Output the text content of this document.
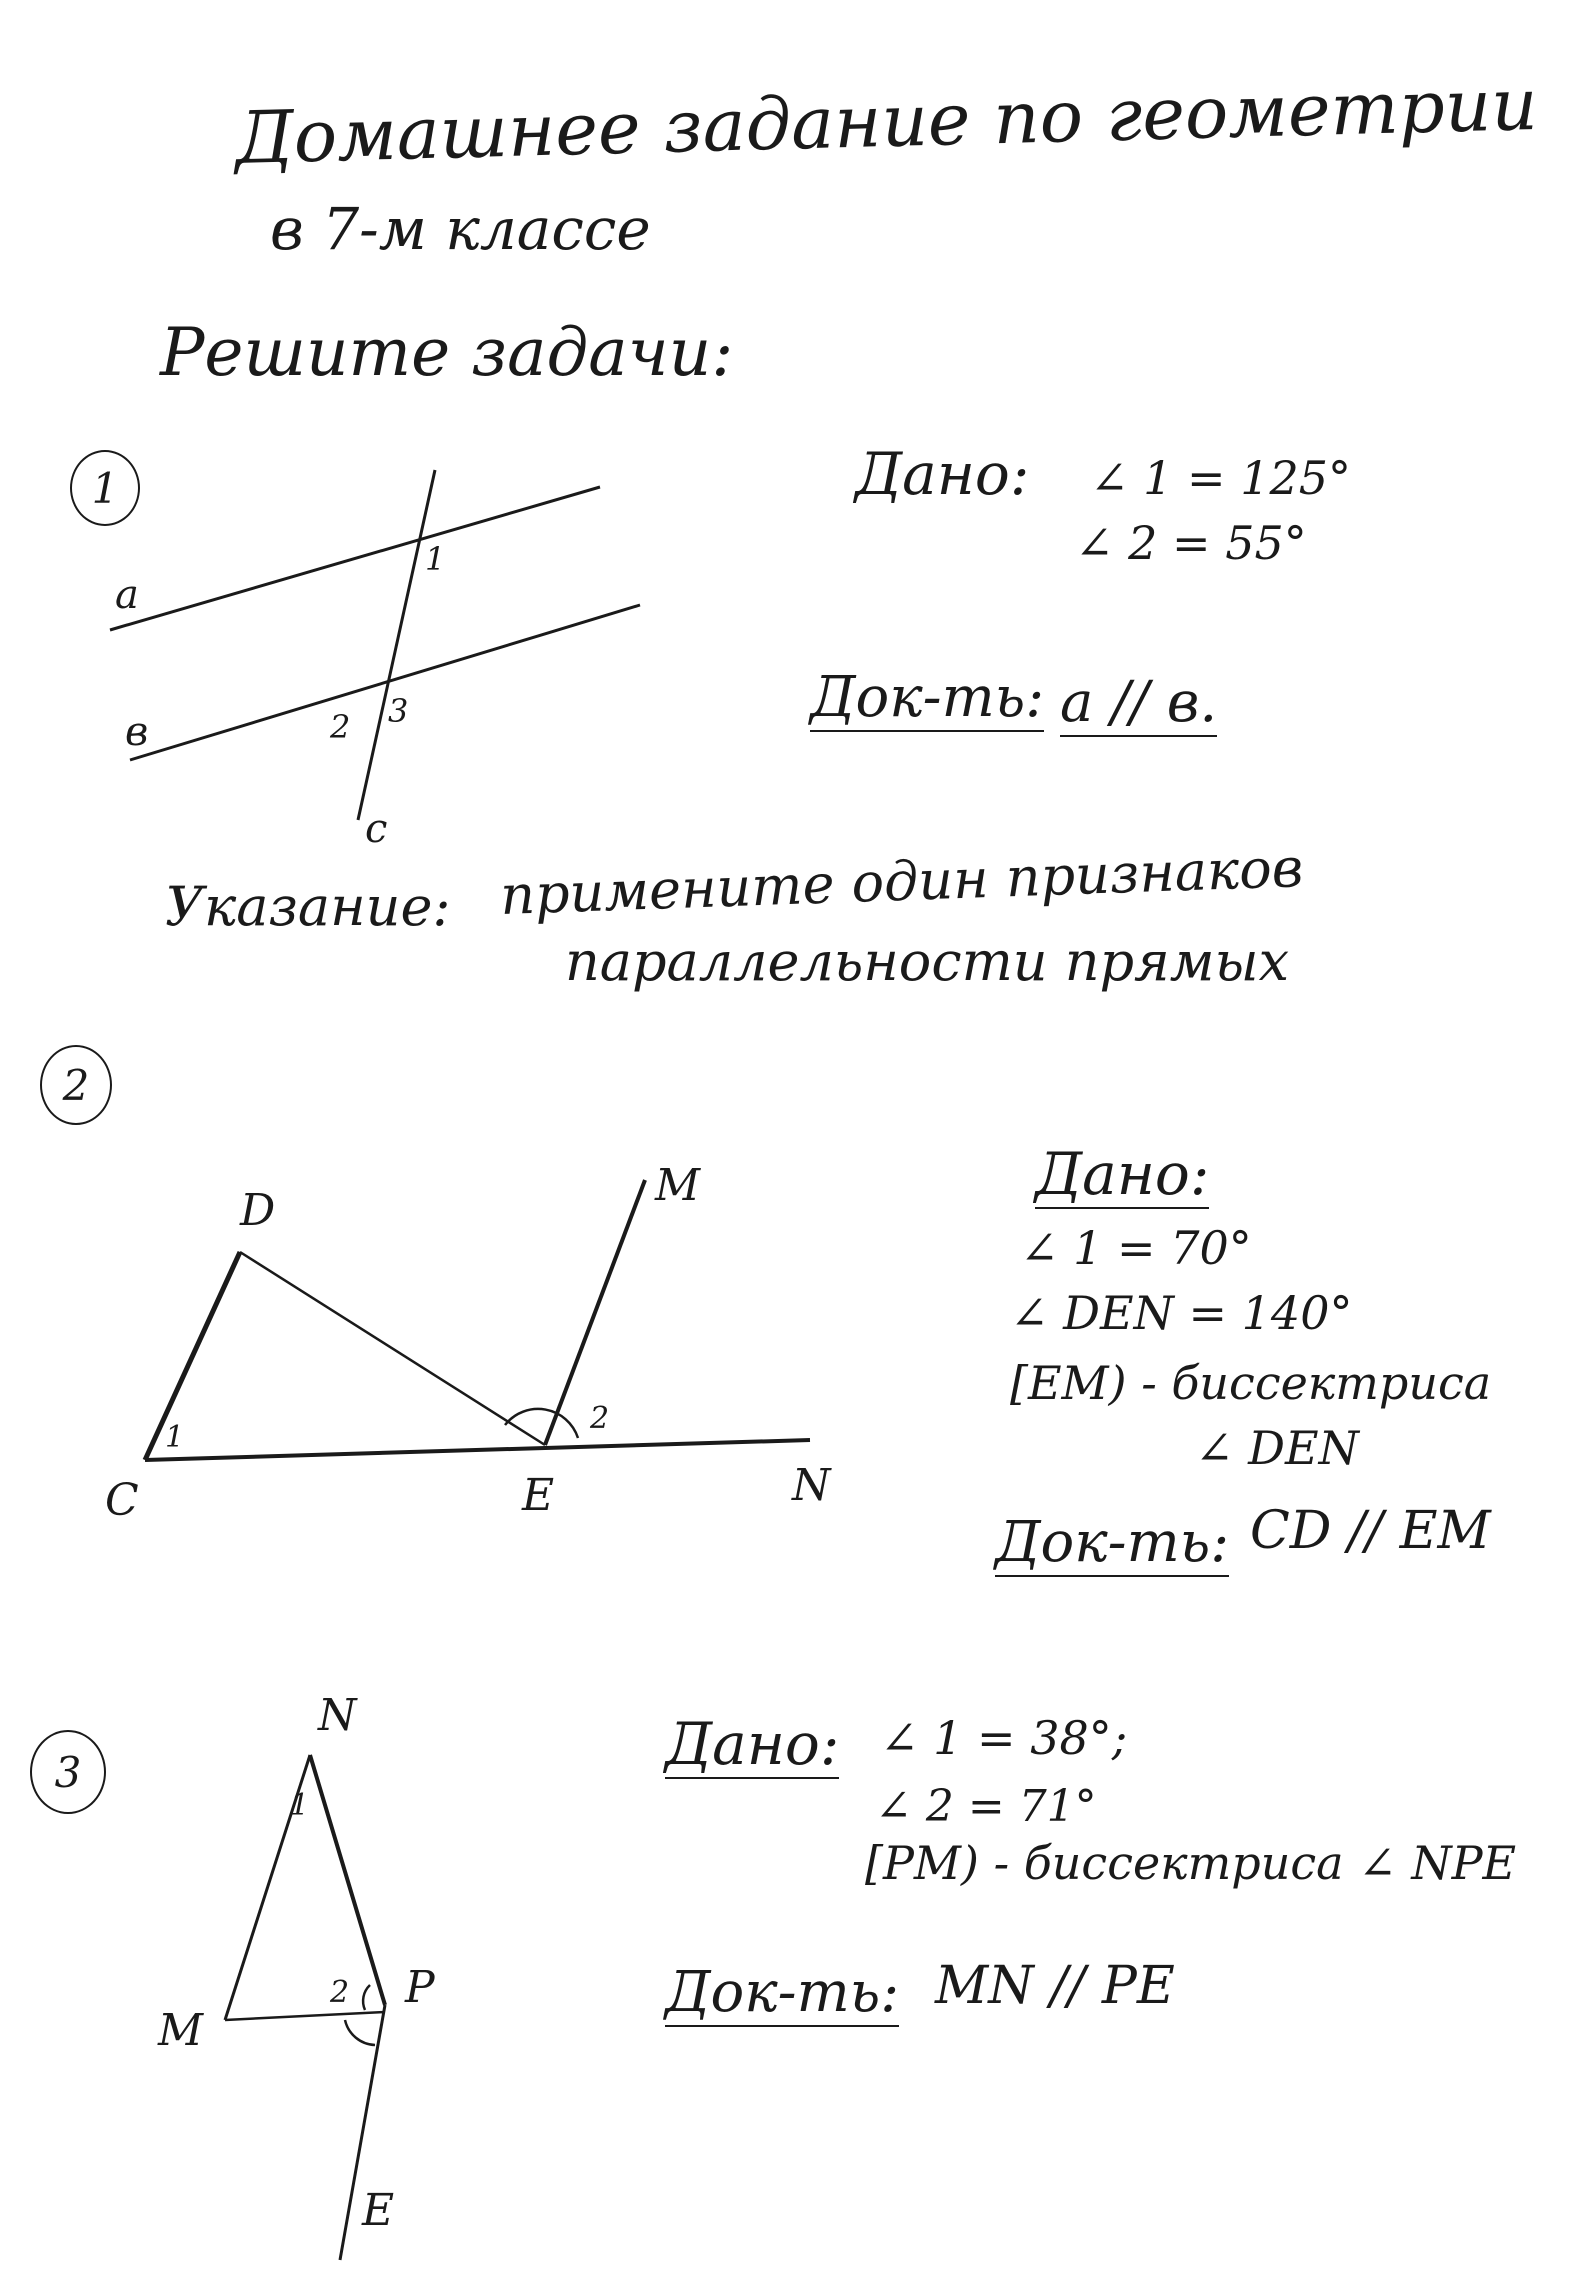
Домашнее задание по геометрии
в 7-м классе
Решите задачи:
1
a
в
c
1
2 3
Дано: ∠ 1 = 125°
∠ 2 = 55°
Док-ть: a // в.
Указание: примените один признаков
параллельности прямых
2
D	M
C	E	N
1
2
Дано:
∠ 1 = 70°
∠ DEN = 140°
[EM) - биссектриса
∠ DEN
Док-ть: CD // EM
3
N
M
P
E
1
2
Дано: ∠ 1 = 38°;
∠ 2 = 71°
[PM) - биссектриса ∠ NPE
Док-ть: MN // PE
